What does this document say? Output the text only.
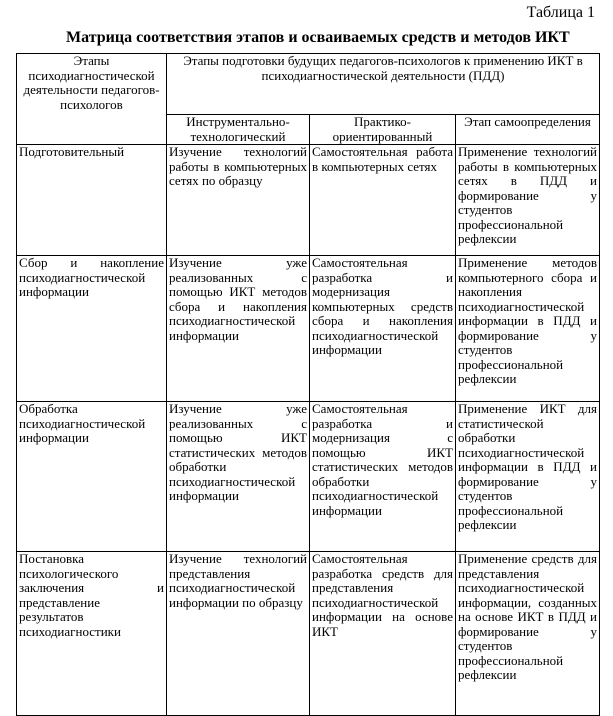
Таблица 1
Матрица соответствия этапов и осваиваемых средств и методов ИКТ
Этапы психодиагностической деятельности педагогов-психологов	Этапы подготовки будущих педагогов-психологов к применению ИКТ в психодиагностической деятельности (ПДД)		
	Инструментально-технологический	Практико-ориентированный	Этап самоопределения
Подготовительный	Изучение технологий работы в компьютерных сетях по образцу	Самостоятельная работа в компьютерных сетях	Применение технологий работы в компьютерных сетях в ПДД и формирование у студентов профессиональной рефлексии
Сбор и накопление психодиагностической информации	Изучение уже реализованных с помощью ИКТ методов сбора и накопления психодиагностической информации	Самостоятельная разработка и модернизация компьютерных средств сбора и накопления психодиагностической информации	Применение методов компьютерного сбора и накопления психодиагностической информации в ПДД и формирование у студентов профессиональной рефлексии
Обработка психодиагностической информации	Изучение уже реализованных с помощью ИКТ статистических методов обработки психодиагностической информации	Самостоятельная разработка и модернизация с помощью ИКТ статистических методов обработки психодиагностической информации	Применение ИКТ для статистической обработки психодиагностической информации в ПДД и формирование у студентов профессиональной рефлексии
Постановка психологического заключения и представление результатов психодиагностики	Изучение технологий представления психодиагностической информации по образцу	Самостоятельная разработка средств для представления психодиагностической информации на основе ИКТ	Применение средств для представления психодиагностической информации, созданных на основе ИКТ в ПДД и формирование у студентов профессиональной рефлексии
